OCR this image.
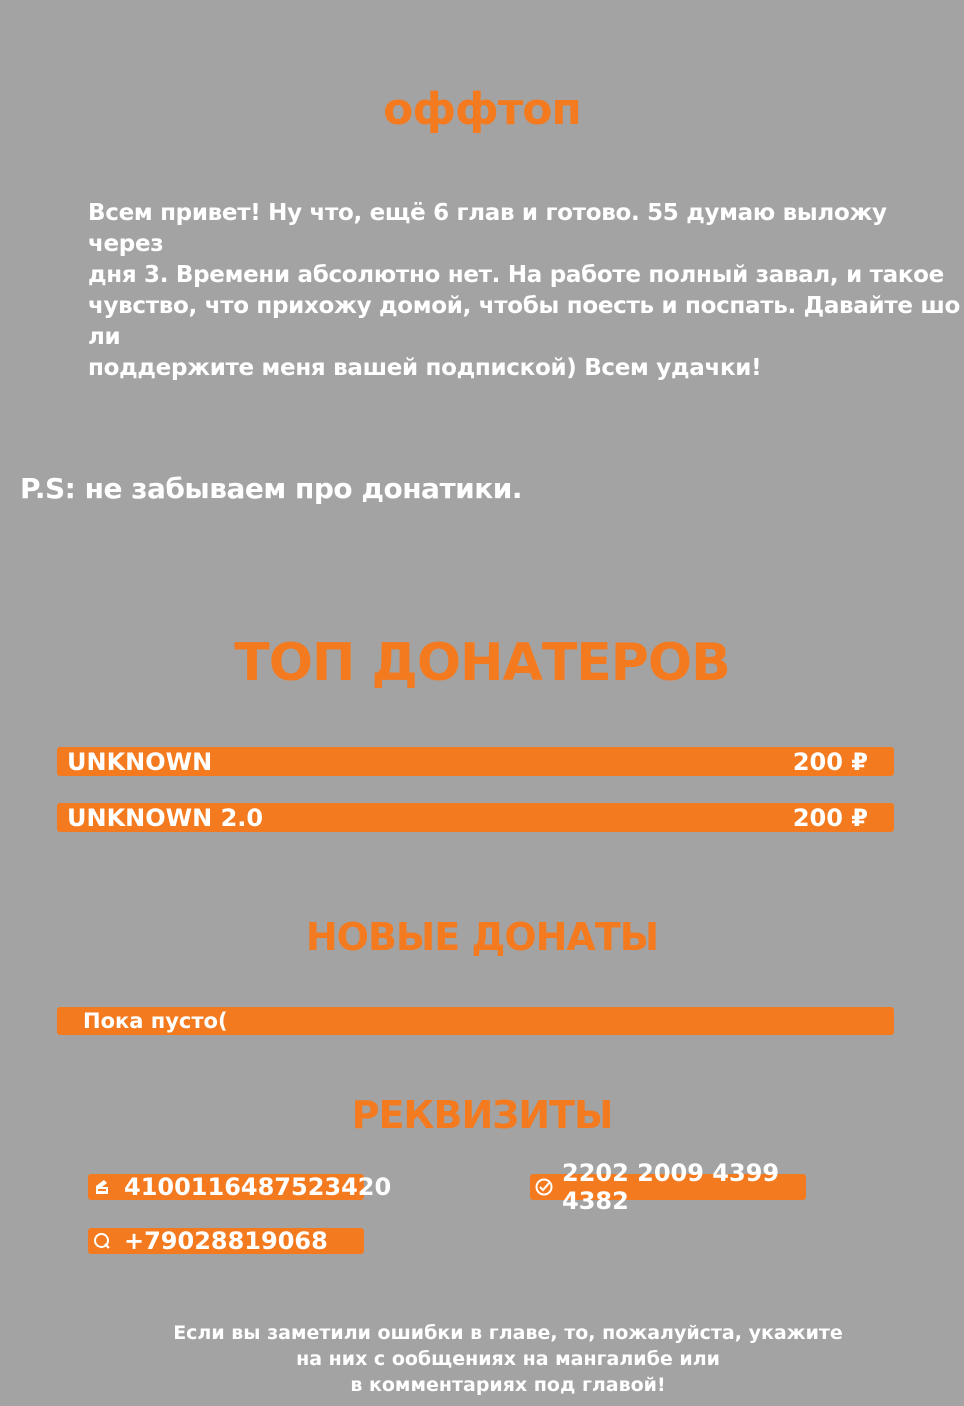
оффтоп
Всем привет! Ну что, ещё 6 глав и готово. 55 думаю выложу через
дня 3. Времени абсолютно нет. На работе полный завал, и такое
чувство, что прихожу домой, чтобы поесть и поспать. Давайте шо ли
поддержите меня вашей подпиской) Всем удачки!
P.S: не забываем про донатики.
ТОП ДОНАТЕРОВ
UNKNOWN	200 ₽
UNKNOWN 2.0	200 ₽
НОВЫЕ ДОНАТЫ
Пока пусто(
РЕКВИЗИТЫ
4100116487523420	2202 2009 4399 4382
+79028819068
Если вы заметили ошибки в главе, то, пожалуйста, укажите
на них с ообщениях на мангалибе или
в комментариях под главой!
